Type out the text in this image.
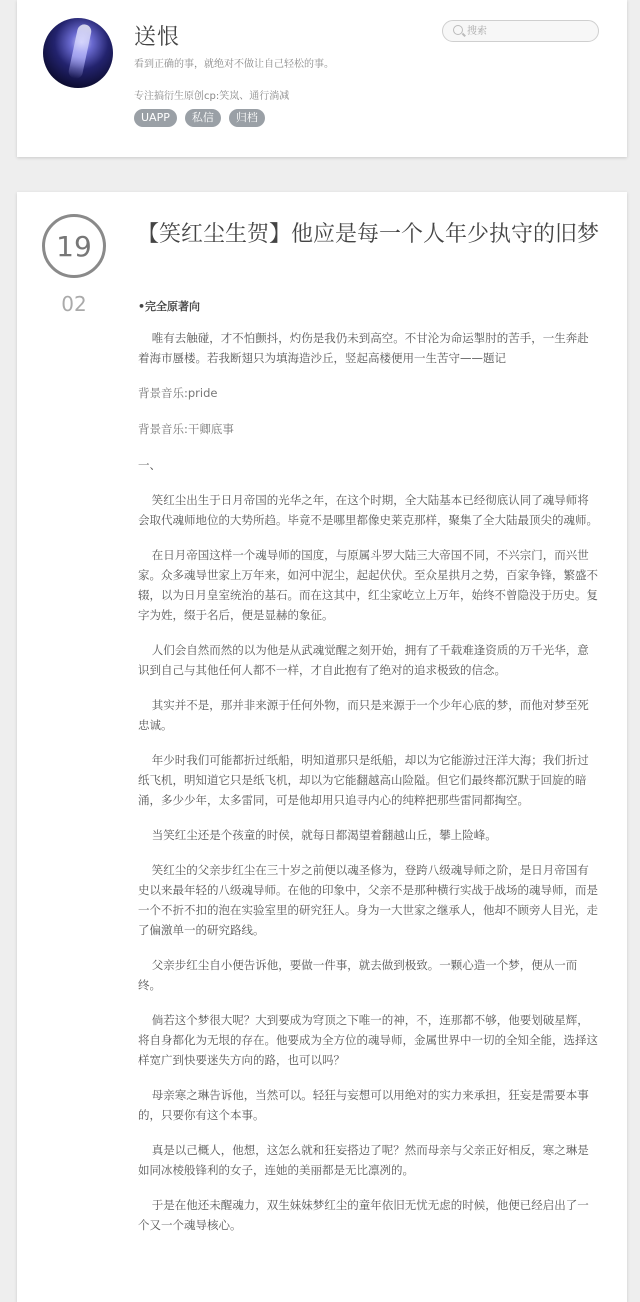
送恨
看到正确的事，就绝对不做让自己轻松的事。
专注搞衍生原创cp:笑岚、通行淌减
UAPP	私信	归档
搜索
19
02
【笑红尘生贺】他应是每一个人年少执守的旧梦
•完全原著向

唯有去触碰，才不怕颤抖，灼伤是我仍未到高空。不甘沦为命运掣肘的苦手，一生奔赴着海市蜃楼。若我断翅只为填海造沙丘，竖起高楼便用一生苦守——题记

背景音乐:pride

背景音乐:干卿底事

一、

笑红尘出生于日月帝国的光华之年，在这个时期，全大陆基本已经彻底认同了魂导师将会取代魂师地位的大势所趋。毕竟不是哪里都像史莱克那样，聚集了全大陆最顶尖的魂师。

在日月帝国这样一个魂导师的国度，与原属斗罗大陆三大帝国不同，不兴宗门，而兴世家。众多魂导世家上万年来，如河中泥尘，起起伏伏。至众星拱月之势，百家争锋，繁盛不辍，以为日月皇室统治的基石。而在这其中，红尘家屹立上万年，始终不曾隐没于历史。复字为姓，缀于名后，便是显赫的象征。

人们会自然而然的以为他是从武魂觉醒之刻开始，拥有了千载难逢资质的万千光华，意识到自己与其他任何人都不一样，才自此抱有了绝对的追求极致的信念。

其实并不是，那并非来源于任何外物，而只是来源于一个少年心底的梦，而他对梦至死忠诚。

年少时我们可能都折过纸船，明知道那只是纸船，却以为它能游过汪洋大海；我们折过纸飞机，明知道它只是纸飞机，却以为它能翻越高山险隘。但它们最终都沉默于回旋的暗涌，多少少年，太多雷同，可是他却用只追寻内心的纯粹把那些雷同都掏空。

当笑红尘还是个孩童的时侯，就每日都渴望着翻越山丘，攀上险峰。

笑红尘的父亲步红尘在三十岁之前便以魂圣修为，登跨八级魂导师之阶，是日月帝国有史以来最年轻的八级魂导师。在他的印象中，父亲不是那种横行实战于战场的魂导师，而是一个不折不扣的泡在实验室里的研究狂人。身为一大世家之继承人，他却不顾旁人目光，走了偏激单一的研究路线。

父亲步红尘自小便告诉他，要做一件事，就去做到极致。一颗心造一个梦，便从一而终。

倘若这个梦很大呢？大到要成为穹顶之下唯一的神，不，连那都不够，他要划破星辉，将自身都化为无垠的存在。他要成为全方位的魂导师，金属世界中一切的全知全能，选择这样宽广到快要迷失方向的路，也可以吗？

母亲寒之琳告诉他，当然可以。轻狂与妄想可以用绝对的实力来承担，狂妄是需要本事的，只要你有这个本事。

真是以己概人，他想，这怎么就和狂妄搭边了呢？然而母亲与父亲正好相反，寒之琳是如同冰棱般锋利的女子，连她的美丽都是无比凛冽的。

于是在他还未醒魂力，双生妹妹梦红尘的童年依旧无忧无虑的时候，他便已经启出了一个又一个魂导核心。
